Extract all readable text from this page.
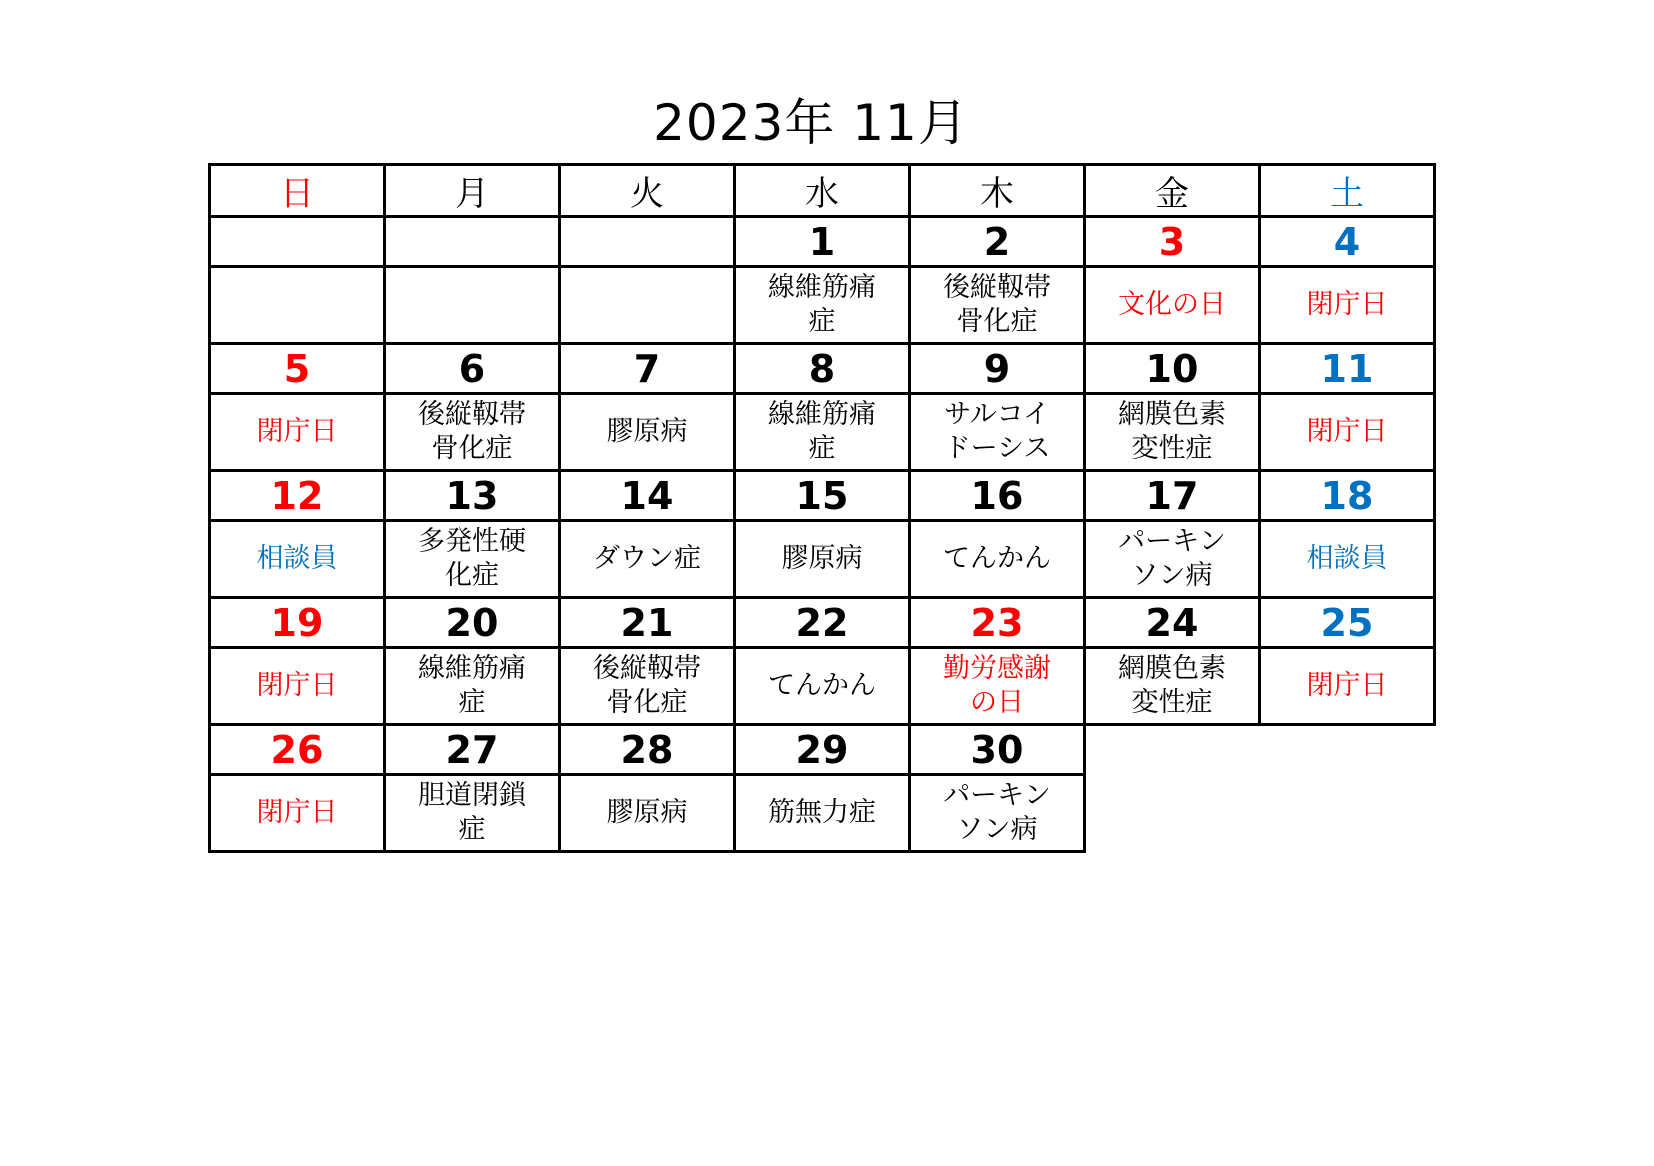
2023年 11月
日	月	火	水	木	金	土
			1	2	3	4
			線維筋痛症	後縦靱帯骨化症	文化の日	閉庁日
5	6	7	8	9	10	11
閉庁日	後縦靱帯骨化症	膠原病	線維筋痛症	サルコイドーシス	網膜色素変性症	閉庁日
12	13	14	15	16	17	18
相談員	多発性硬化症	ダウン症	膠原病	てんかん	パーキンソン病	相談員
19	20	21	22	23	24	25
閉庁日	線維筋痛症	後縦靱帯骨化症	てんかん	勤労感謝の日	網膜色素変性症	閉庁日
26	27	28	29	30		
閉庁日	胆道閉鎖症	膠原病	筋無力症	パーキンソン病		
